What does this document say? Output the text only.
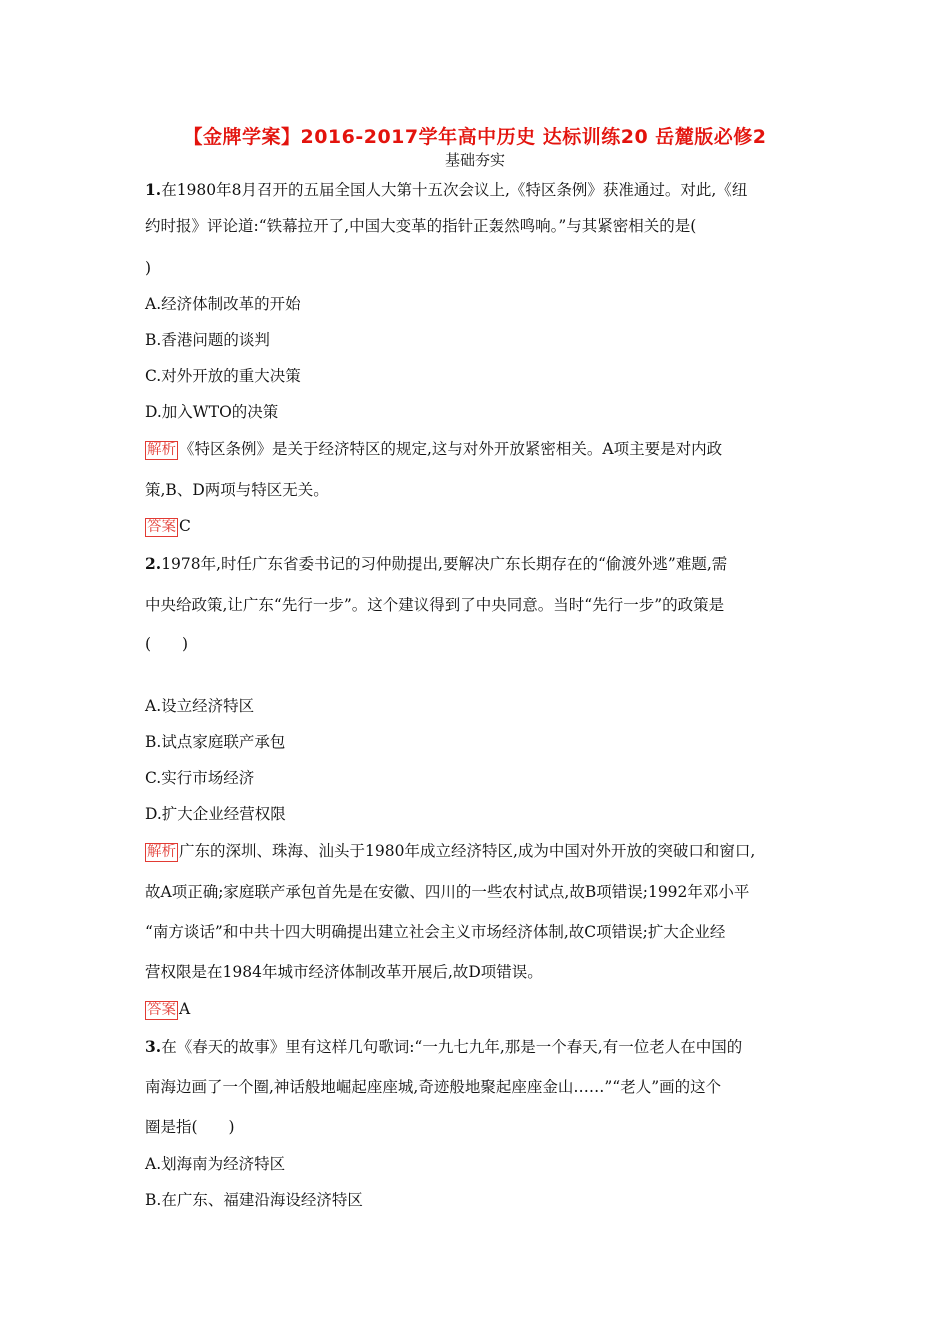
【金牌学案】2016-2017学年高中历史 达标训练20 岳麓版必修2
基础夯实
1.在1980年8月召开的五届全国人大第十五次会议上,《特区条例》获准通过。对此,《纽
约时报》评论道:“铁幕拉开了,中国大变革的指针正轰然鸣响。”与其紧密相关的是(
)
A.经济体制改革的开始
B.香港问题的谈判
C.对外开放的重大决策
D.加入WTO的决策
解析 《特区条例》是关于经济特区的规定,这与对外开放紧密相关。A项主要是对内政
策,B、D两项与特区无关。
答案 C
2.1978年,时任广东省委书记的习仲勋提出,要解决广东长期存在的“偷渡外逃”难题,需
中央给政策,让广东“先行一步”。这个建议得到了中央同意。当时“先行一步”的政策是
(　　)
A.设立经济特区
B.试点家庭联产承包
C.实行市场经济
D.扩大企业经营权限
解析 广东的深圳、珠海、汕头于1980年成立经济特区,成为中国对外开放的突破口和窗口,
故A项正确;家庭联产承包首先是在安徽、四川的一些农村试点,故B项错误;1992年邓小平
“南方谈话”和中共十四大明确提出建立社会主义市场经济体制,故C项错误;扩大企业经
营权限是在1984年城市经济体制改革开展后,故D项错误。
答案 A
3.在《春天的故事》里有这样几句歌词:“一九七九年,那是一个春天,有一位老人在中国的
南海边画了一个圈,神话般地崛起座座城,奇迹般地聚起座座金山……”“老人”画的这个
圈是指(　　)
A.划海南为经济特区
B.在广东、福建沿海设经济特区
